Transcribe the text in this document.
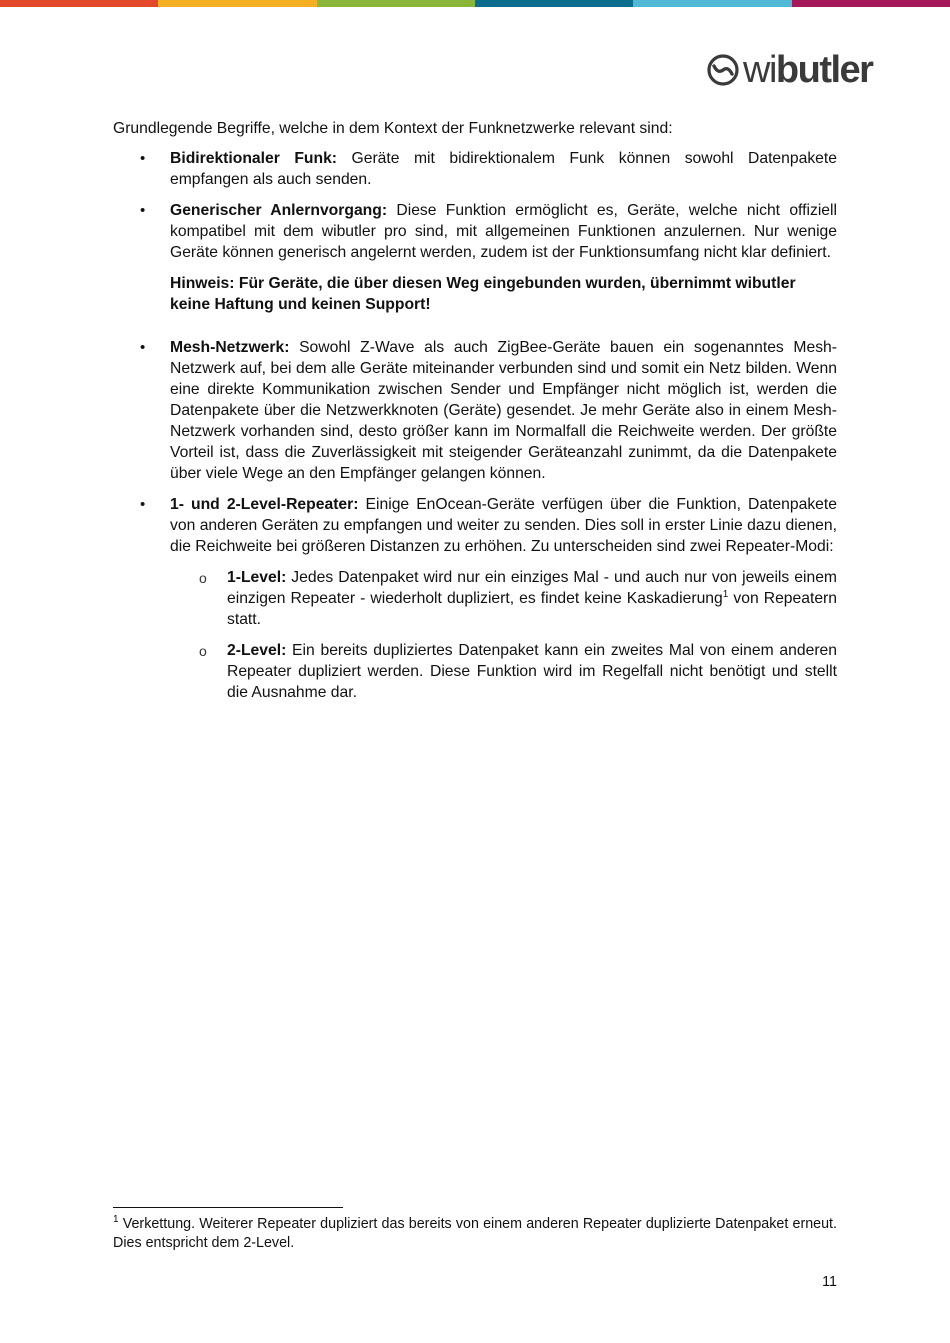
wibutler

Grundlegende Begriffe, welche in dem Kontext der Funknetzwerke relevant sind:

• Bidirektionaler Funk: Geräte mit bidirektionalem Funk können sowohl Datenpakete empfangen als auch senden.
• Generischer Anlernvorgang: Diese Funktion ermöglicht es, Geräte, welche nicht offiziell kompatibel mit dem wibutler pro sind, mit allgemeinen Funktionen anzulernen. Nur wenige Geräte können generisch angelernt werden, zudem ist der Funktionsumfang nicht klar definiert.

Hinweis: Für Geräte, die über diesen Weg eingebunden wurden, übernimmt wibutler keine Haftung und keinen Support!

• Mesh-Netzwerk: Sowohl Z-Wave als auch ZigBee-Geräte bauen ein sogenanntes Mesh-Netzwerk auf, bei dem alle Geräte miteinander verbunden sind und somit ein Netz bilden. Wenn eine direkte Kommunikation zwischen Sender und Empfänger nicht möglich ist, werden die Datenpakete über die Netzwerkknoten (Geräte) gesendet. Je mehr Geräte also in einem Mesh-Netzwerk vorhanden sind, desto größer kann im Normalfall die Reichweite werden. Der größte Vorteil ist, dass die Zuverlässigkeit mit steigender Geräteanzahl zunimmt, da die Datenpakete über viele Wege an den Empfänger gelangen können.
• 1- und 2-Level-Repeater: Einige EnOcean-Geräte verfügen über die Funktion, Datenpakete von anderen Geräten zu empfangen und weiter zu senden. Dies soll in erster Linie dazu dienen, die Reichweite bei größeren Distanzen zu erhöhen. Zu unterscheiden sind zwei Repeater-Modi:
o 1-Level: Jedes Datenpaket wird nur ein einziges Mal - und auch nur von jeweils einem einzigen Repeater - wiederholt dupliziert, es findet keine Kaskadierung$^1$ von Repeatern statt.
o 2-Level: Ein bereits dupliziertes Datenpaket kann ein zweites Mal von einem anderen Repeater dupliziert werden. Diese Funktion wird im Regelfall nicht benötigt und stellt die Ausnahme dar.

$^1$ Verkettung. Weiterer Repeater dupliziert das bereits von einem anderen Repeater duplizierte Datenpaket erneut. Dies entspricht dem 2-Level.

11
